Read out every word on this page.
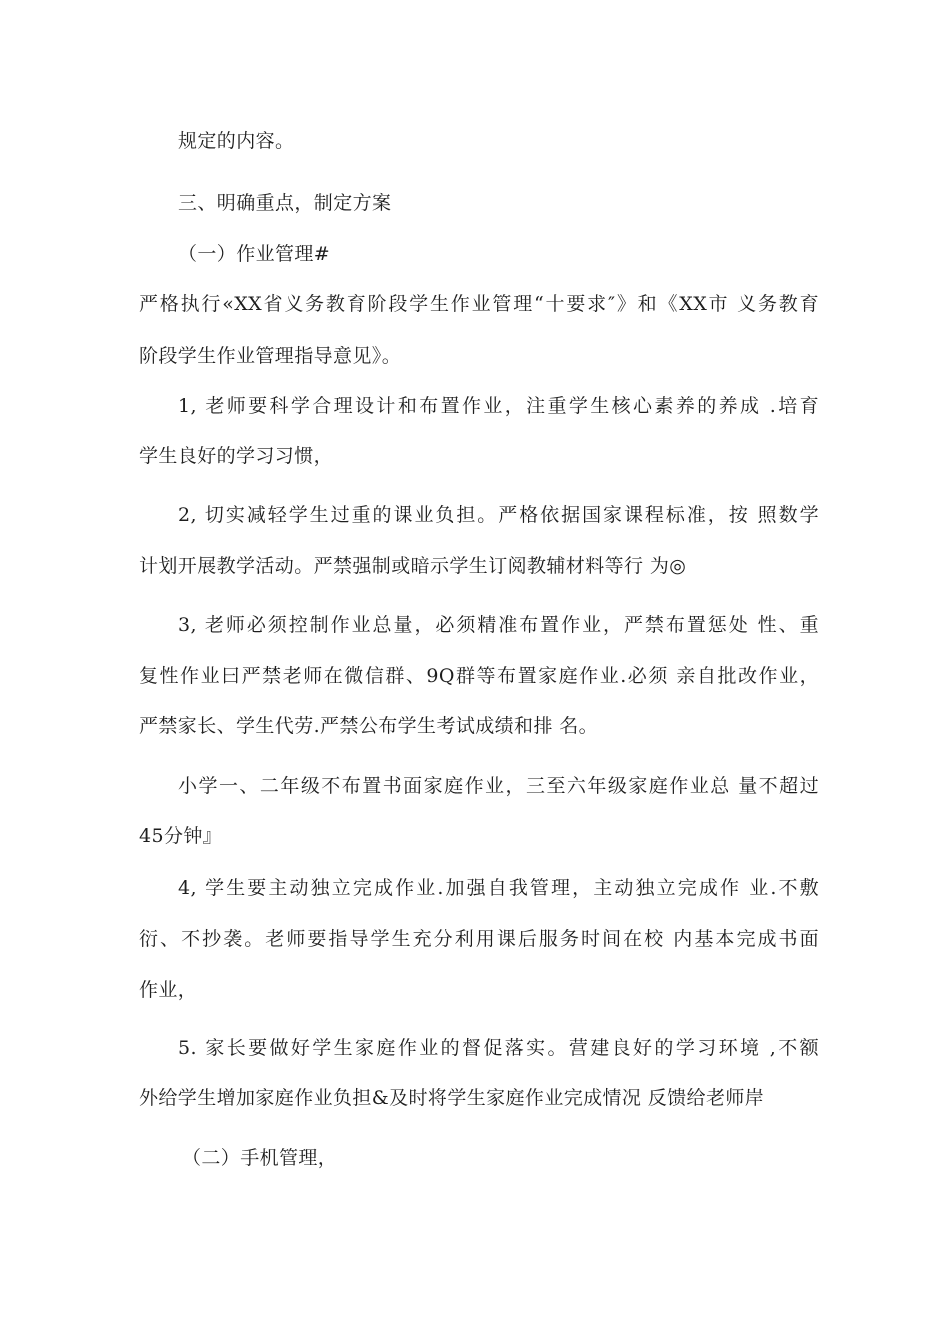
规定的内容。
三、明确重点，制定方案
（一）作业管理#
严格执行«XX省义务教育阶段学生作业管理“十要求″》和《XX市 义务教育
阶段学生作业管理指导意见》。
1, 老师要科学合理设计和布置作业，注重学生核心素养的养成 .培育
学生良好的学习习惯，
2, 切实减轻学生过重的课业负担。严格依据国家课程标准，按 照数学
计划开展教学活动。严禁强制或暗示学生订阅教辅材料等行 为◎
3, 老师必须控制作业总量，必须精准布置作业，严禁布置惩处 性、重
复性作业曰严禁老师在微信群、9Q群等布置家庭作业.必须 亲自批改作业，
严禁家长、学生代劳.严禁公布学生考试成绩和排 名。
小学一、二年级不布置书面家庭作业，三至六年级家庭作业总 量不超过
45分钟』
4, 学生要主动独立完成作业.加强自我管理，主动独立完成作 业.不敷
衍、不抄袭。老师要指导学生充分利用课后服务时间在校 内基本完成书面
作业，
5. 家长要做好学生家庭作业的督促落实。营建良好的学习环境 ,不额
外给学生增加家庭作业负担&及时将学生家庭作业完成情况 反馈给老师岸
（二）手机管理，
